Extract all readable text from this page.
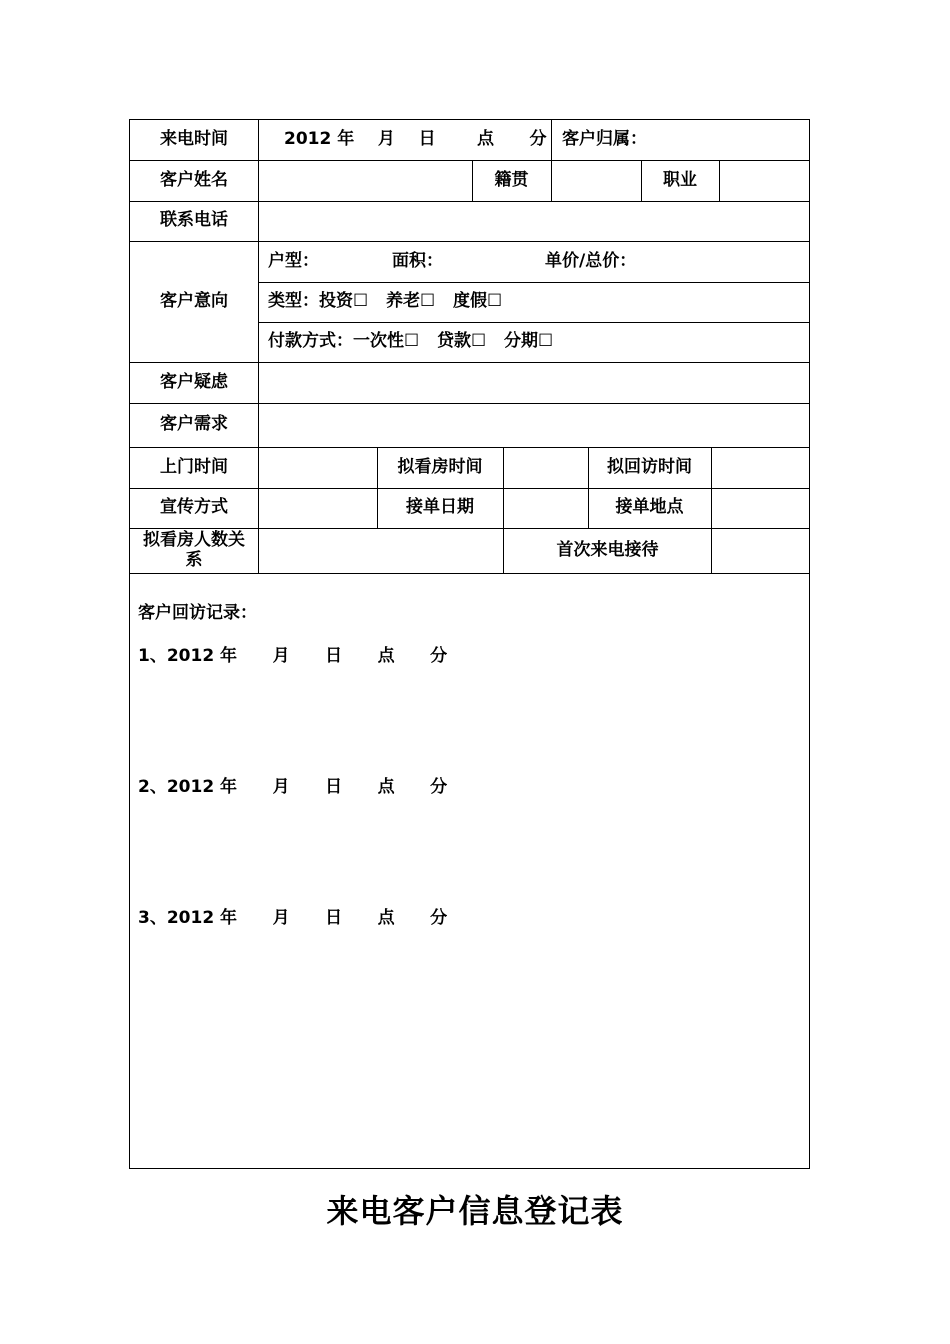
来电时间	2012 年    月    日       点      分 客户归属：
客户姓名	籍贯	职业
联系电话
客户意向
户型：	面积：	单价/总价：
类型：投资☐   养老☐   度假☐
付款方式：一次性☐   贷款☐   分期☐
客户疑虑
客户需求
上门时间	拟看房时间	拟回访时间
宣传方式	接单日期	接单地点
拟看房人数关系	首次来电接待
客户回访记录：
1、2012 年      月      日      点      分
2、2012 年      月      日      点      分
3、2012 年      月      日      点      分
来电客户信息登记表
